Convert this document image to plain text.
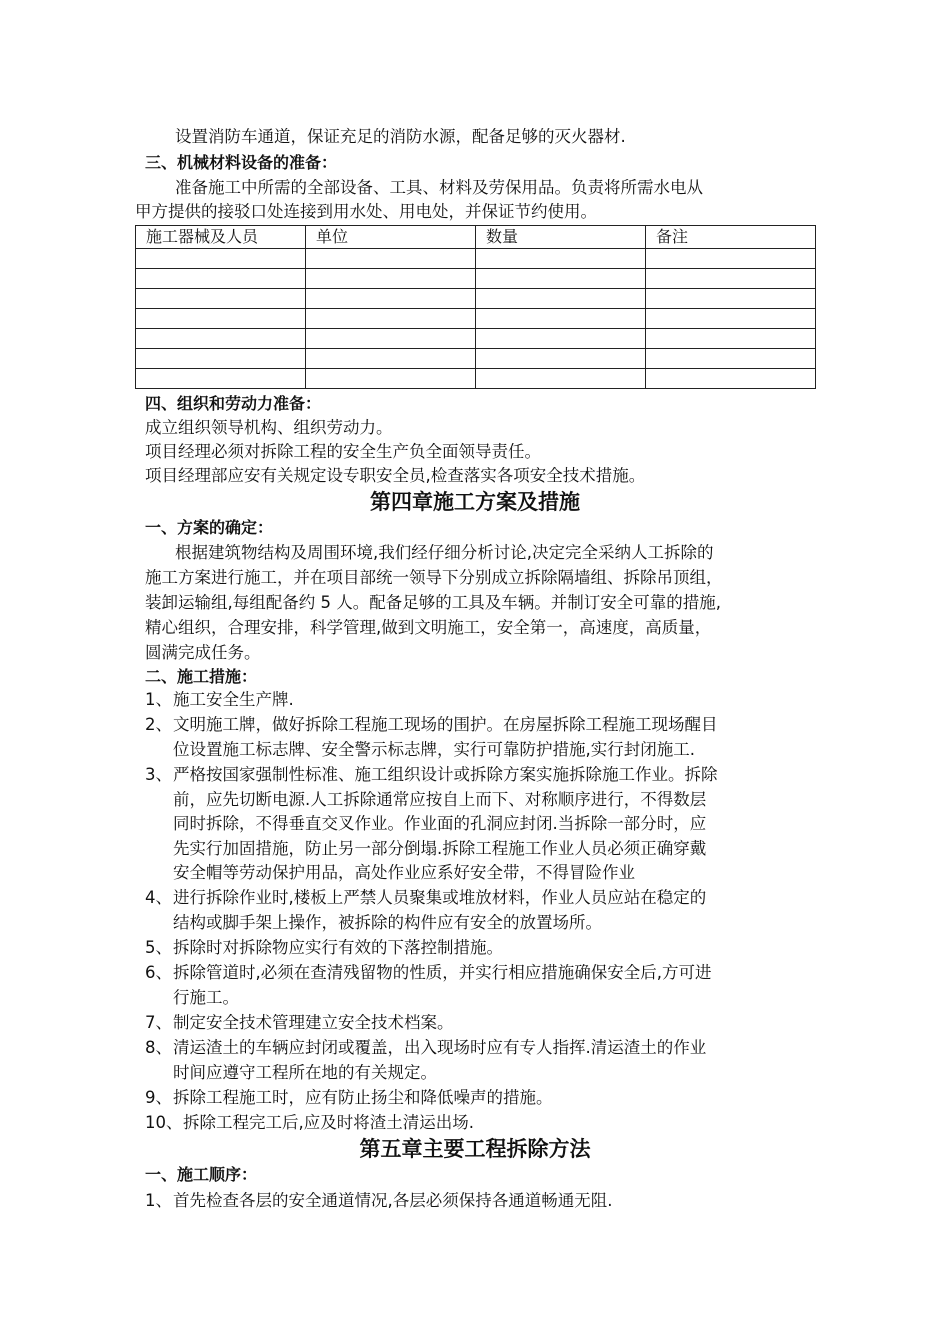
设置消防车通道，保证充足的消防水源，配备足够的灭火器材.
三、机械材料设备的准备：
准备施工中所需的全部设备、工具、材料及劳保用品。负责将所需水电从
甲方提供的接驳口处连接到用水处、用电处，并保证节约使用。
施工器械及人员	单位	数量	备注

四、组织和劳动力准备：
成立组织领导机构、组织劳动力。
项目经理必须对拆除工程的安全生产负全面领导责任。
项目经理部应安有关规定设专职安全员,检查落实各项安全技术措施。
第四章施工方案及措施
一、方案的确定：
根据建筑物结构及周围环境,我们经仔细分析讨论,决定完全采纳人工拆除的
施工方案进行施工，并在项目部统一领导下分别成立拆除隔墙组、拆除吊顶组，
装卸运输组,每组配备约 5 人。配备足够的工具及车辆。并制订安全可靠的措施,
精心组织，合理安排，科学管理,做到文明施工，安全第一，高速度，高质量，
圆满完成任务。
二、施工措施：
1、 施工安全生产牌.
2、 文明施工牌，做好拆除工程施工现场的围护。在房屋拆除工程施工现场醒目
位设置施工标志牌、安全警示标志牌，实行可靠防护措施,实行封闭施工.
3、 严格按国家强制性标准、施工组织设计或拆除方案实施拆除施工作业。拆除
前，应先切断电源.人工拆除通常应按自上而下、对称顺序进行，不得数层
同时拆除，不得垂直交叉作业。作业面的孔洞应封闭.当拆除一部分时，应
先实行加固措施，防止另一部分倒塌.拆除工程施工作业人员必须正确穿戴
安全帽等劳动保护用品，高处作业应系好安全带，不得冒险作业
4、 进行拆除作业时,楼板上严禁人员聚集或堆放材料，作业人员应站在稳定的
结构或脚手架上操作，被拆除的构件应有安全的放置场所。
5、 拆除时对拆除物应实行有效的下落控制措施。
6、 拆除管道时,必须在查清残留物的性质，并实行相应措施确保安全后,方可进
行施工。
7、 制定安全技术管理建立安全技术档案。
8、 清运渣土的车辆应封闭或覆盖，出入现场时应有专人指挥.清运渣土的作业
时间应遵守工程所在地的有关规定。
9、 拆除工程施工时，应有防止扬尘和降低噪声的措施。
10、 拆除工程完工后,应及时将渣土清运出场.
第五章主要工程拆除方法
一、施工顺序：
1、 首先检查各层的安全通道情况,各层必须保持各通道畅通无阻.
